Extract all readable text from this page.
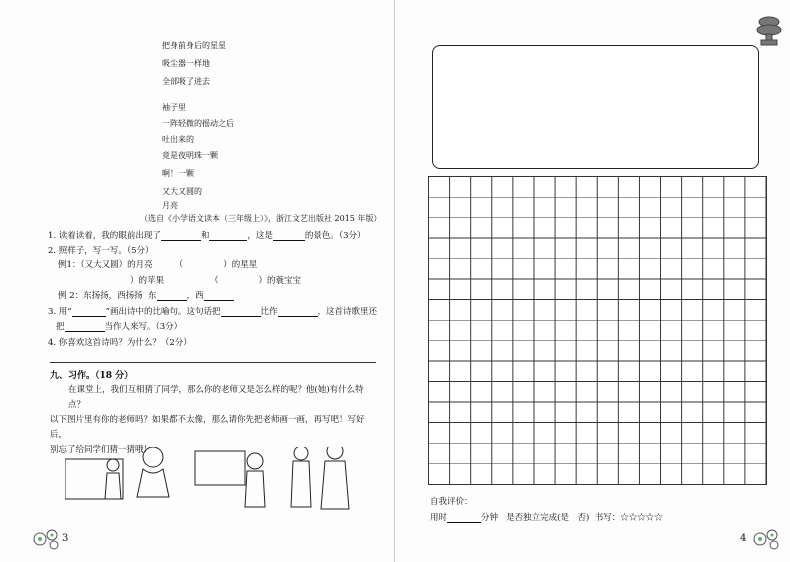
把身前身后的星星
吸尘器一样地
全部吸了进去
袖子里
一阵轻微的摇动之后
吐出来的
竟是夜明珠一颗
啊！一颗
又大又圆的
（选自《小学语文读本（三年级上）》，浙江文艺出版社 2015 年版）
1. 读着读着，我的眼前出现了	和	，这是	的景色。（3分）
2. 照样子，写一写。（5分）
例1：（又大又圆）的月亮	（	）的星星
）的苹果	（	）的蓑宝宝
例 2：东扬扬，西扬扬 东	，西
3. 用“	”画出诗中的比喻句。这句话把	比作	，这首诗歌里还
把	当作人来写。（3分）
4. 你喜欢这首诗吗？为什么？（2分）
九、习作。（18 分）
在课堂上，我们互相猜了同学，那么你的老师又是怎么样的呢？他(她)有什么特点？
以下图片里有你的老师吗？如果都不太像，那么请你先把老师画一画，再写吧！写好后，
别忘了给同学们猜一猜哦！
3
自我评价：
用时	分钟 是否独立完成(是　否) 书写：☆☆☆☆☆
4
月亮
